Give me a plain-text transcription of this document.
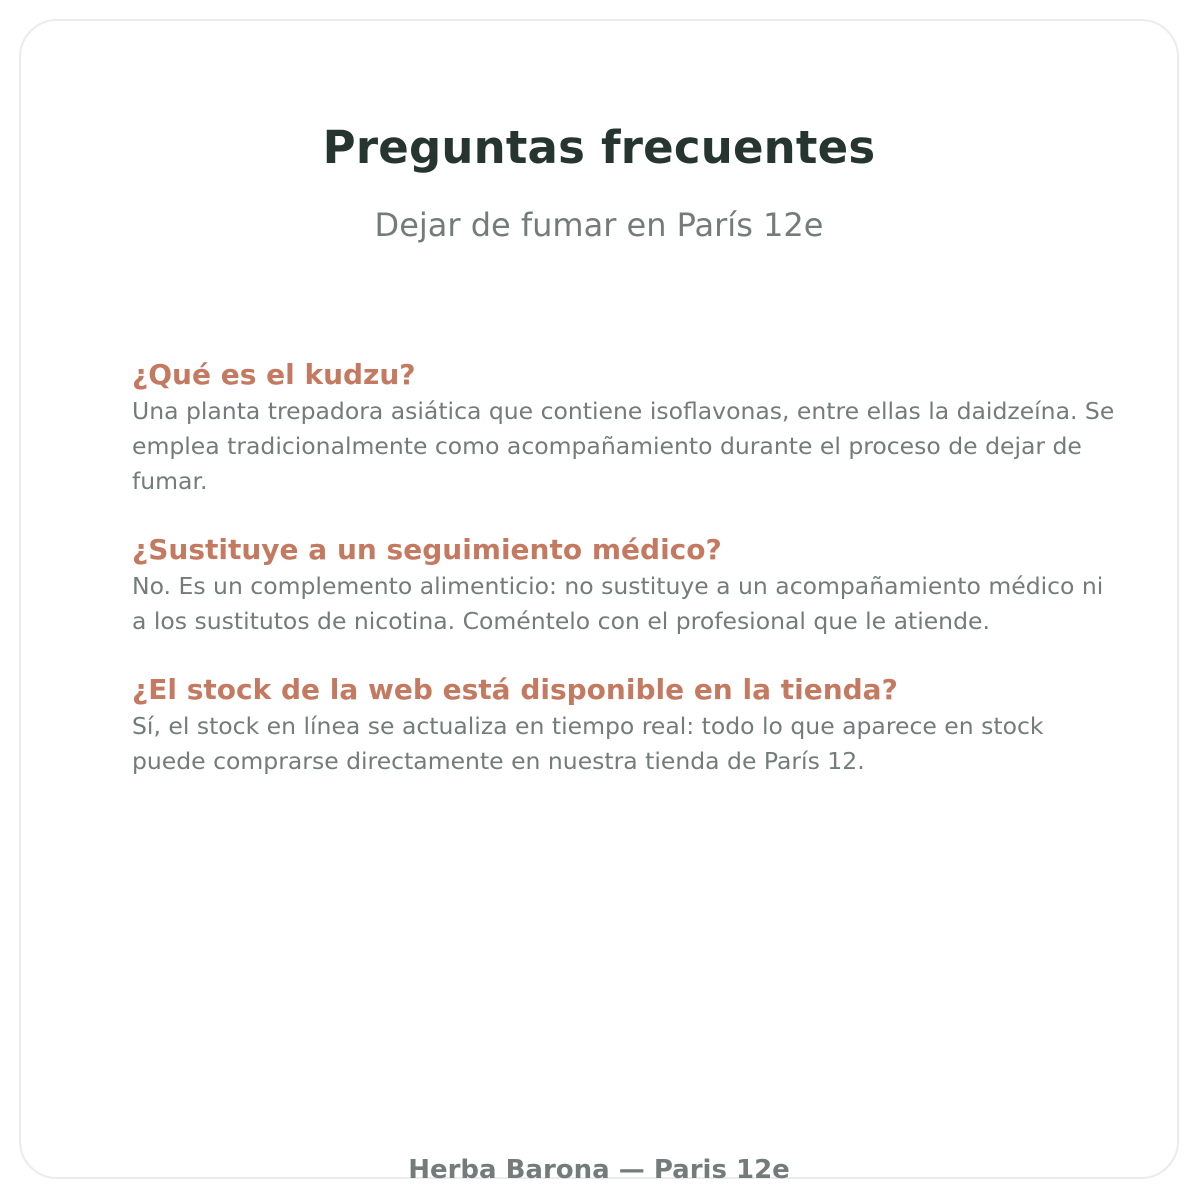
Preguntas frecuentes
Dejar de fumar en París 12e
¿Qué es el kudzu?

Una planta trepadora asiática que contiene isoflavonas, entre ellas la daidzeína. Se emplea tradicionalmente como acompañamiento durante el proceso de dejar de fumar.

¿Sustituye a un seguimiento médico?

No. Es un complemento alimenticio: no sustituye a un acompañamiento médico ni a los sustitutos de nicotina. Coméntelo con el profesional que le atiende.

¿El stock de la web está disponible en la tienda?

Sí, el stock en línea se actualiza en tiempo real: todo lo que aparece en stock puede comprarse directamente en nuestra tienda de París 12.

Herba Barona — Paris 12e
